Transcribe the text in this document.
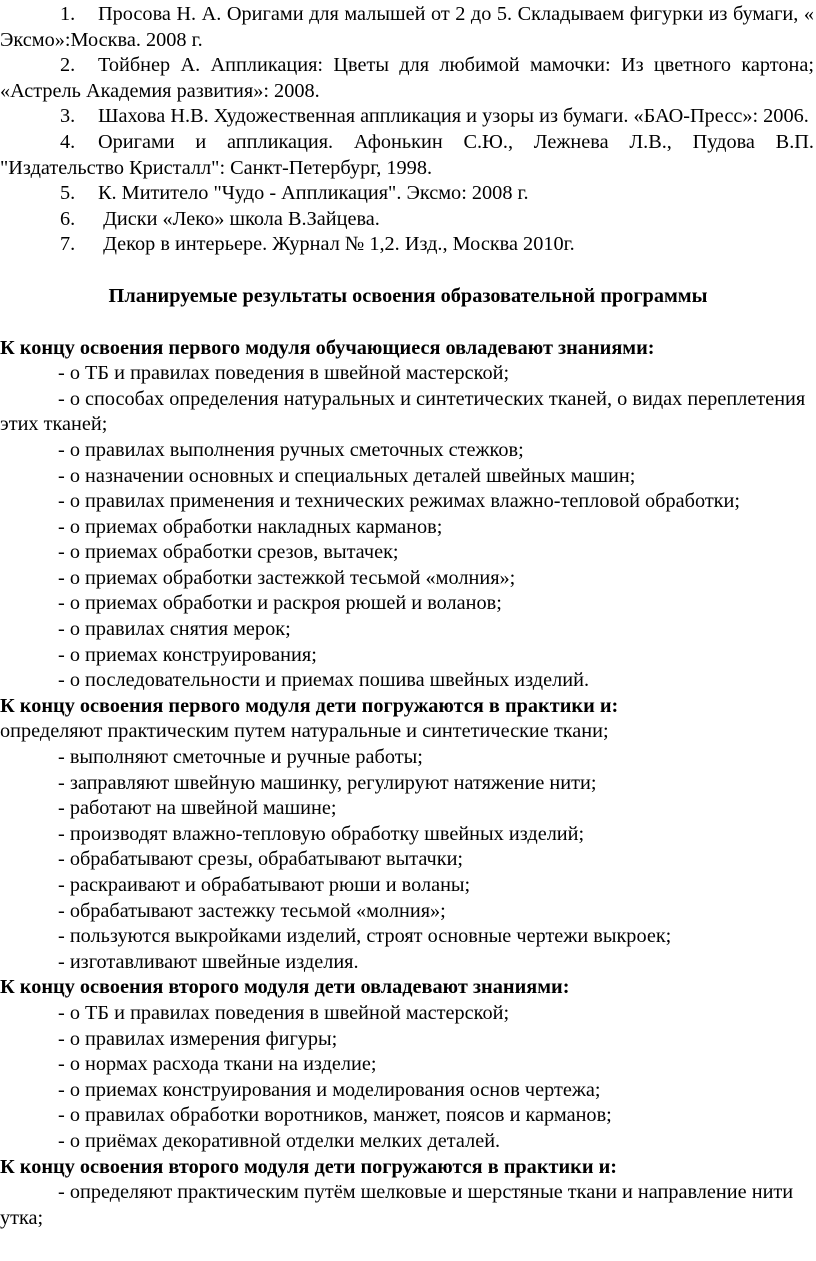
1. Просова Н. А. Оригами для малышей от 2 до 5. Складываем фигурки из бумаги, « Эксмо»:Москва. 2008 г.
2. Тойбнер А. Аппликация: Цветы для любимой мамочки: Из цветного картона; «Астрель Академия развития»: 2008.
3. Шахова Н.В. Художественная аппликация и узоры из бумаги. «БАО-Пресс»: 2006.
4. Оригами и аппликация. Афонькин С.Ю., Лежнева Л.В., Пудова В.П. "Издательство Кристалл": Санкт-Петербург, 1998.
5. К. Мититело "Чудо - Аппликация". Эксмо: 2008 г.
6. Диски «Леко» школа В.Зайцева.
7. Декор в интерьере. Журнал № 1,2. Изд., Москва 2010г.
Планируемые результаты освоения образовательной программы
К концу освоения первого модуля обучающиеся овладевают знаниями:
- о ТБ и правилах поведения в швейной мастерской;
- о способах определения натуральных и синтетических тканей, о видах переплетения этих тканей;
- о правилах выполнения ручных сметочных стежков;
- о назначении основных и специальных деталей швейных машин;
- о правилах применения и технических режимах влажно-тепловой обработки;
- о приемах обработки накладных карманов;
- о приемах обработки срезов, вытачек;
- о приемах обработки застежкой тесьмой «молния»;
- о приемах обработки и раскроя рюшей и воланов;
- о правилах снятия мерок;
- о приемах конструирования;
- о последовательности и приемах пошива швейных изделий.
К концу освоения первого модуля дети погружаются в практики и:
определяют практическим путем натуральные и синтетические ткани;
- выполняют сметочные и ручные работы;
- заправляют швейную машинку, регулируют натяжение нити;
- работают на швейной машине;
- производят влажно-тепловую обработку швейных изделий;
- обрабатывают срезы, обрабатывают вытачки;
- раскраивают и обрабатывают рюши и воланы;
- обрабатывают застежку тесьмой «молния»;
- пользуются выкройками изделий, строят основные чертежи выкроек;
- изготавливают швейные изделия.
К концу освоения второго модуля дети овладевают знаниями:
- о ТБ и правилах поведения в швейной мастерской;
- о правилах измерения фигуры;
- о нормах расхода ткани на изделие;
- о приемах конструирования и моделирования основ чертежа;
- о правилах обработки воротников, манжет, поясов и карманов;
- о приёмах декоративной отделки мелких деталей.
К концу освоения второго модуля дети погружаются в практики и:
- определяют практическим путём шелковые и шерстяные ткани и направление нити утка;
